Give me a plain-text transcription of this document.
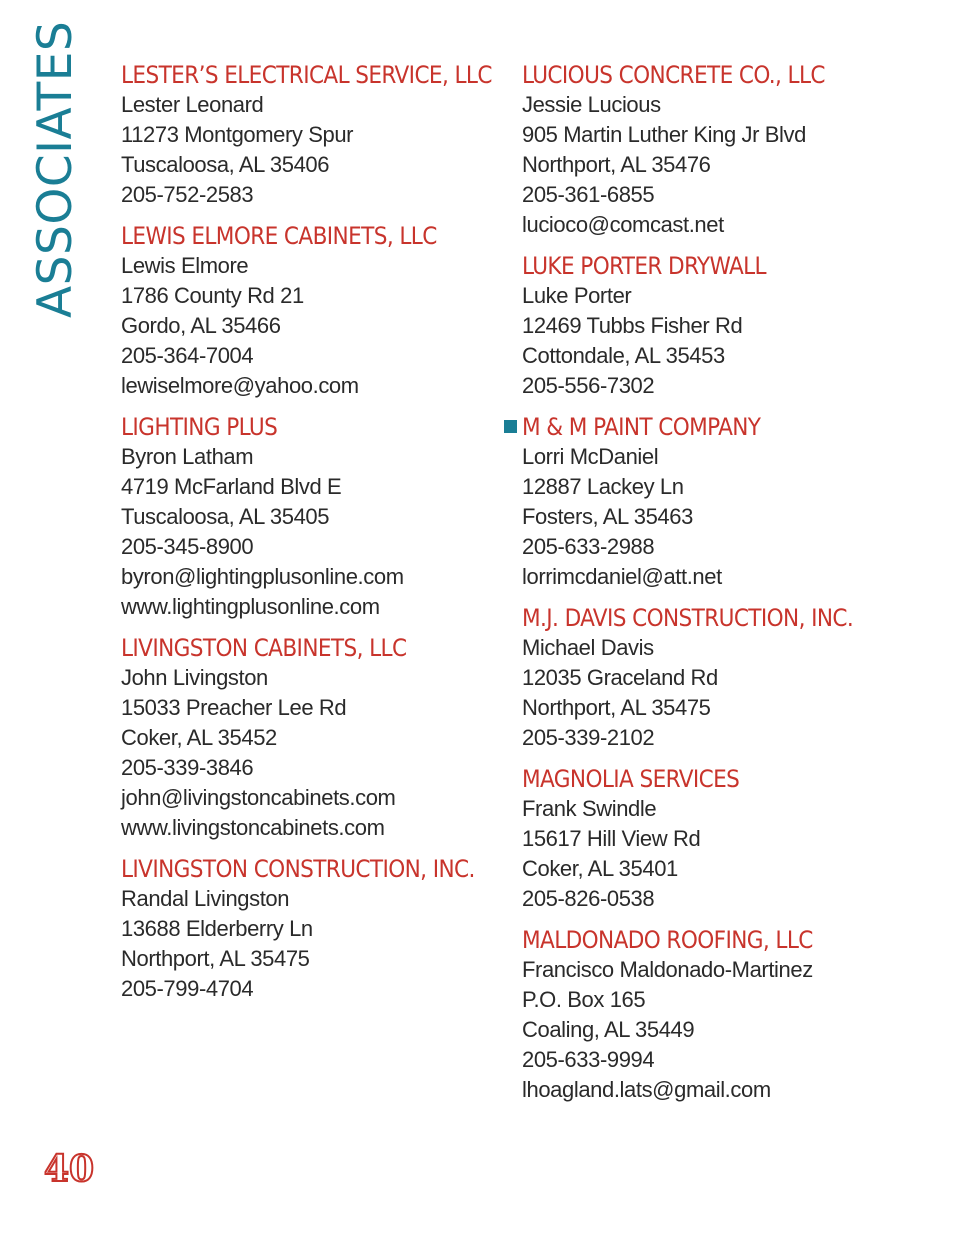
ASSOCIATES LESTER’S ELECTRICAL SERVICE, LLC
Lester Leonard
11273 Montgomery Spur
Tuscaloosa, AL 35406
205-752-2583
LEWIS ELMORE CABINETS, LLC
Lewis Elmore
1786 County Rd 21
Gordo, AL 35466
205-364-7004
lewiselmore@yahoo.com
LIGHTING PLUS
Byron Latham
4719 McFarland Blvd E
Tuscaloosa, AL 35405
205-345-8900
byron@lightingplusonline.com
www.lightingplusonline.com
LIVINGSTON CABINETS, LLC
John Livingston
15033 Preacher Lee Rd
Coker, AL 35452
205-339-3846
john@livingstoncabinets.com
www.livingstoncabinets.com
LIVINGSTON CONSTRUCTION, INC.
Randal Livingston
13688 Elderberry Ln
Northport, AL 35475
205-799-4704
LUCIOUS CONCRETE CO., LLC
Jessie Lucious
905 Martin Luther King Jr Blvd
Northport, AL 35476
205-361-6855
lucioco@comcast.net
LUKE PORTER DRYWALL
Luke Porter
12469 Tubbs Fisher Rd
Cottondale, AL 35453
205-556-7302
M & M PAINT COMPANY
Lorri McDaniel
12887 Lackey Ln
Fosters, AL 35463
205-633-2988
lorrimcdaniel@att.net
M.J. DAVIS CONSTRUCTION, INC.
Michael Davis
12035 Graceland Rd
Northport, AL 35475
205-339-2102
MAGNOLIA SERVICES
Frank Swindle
15617 Hill View Rd
Coker, AL 35401
205-826-0538
MALDONADO ROOFING, LLC
Francisco Maldonado-Martinez
P.O. Box 165
Coaling, AL 35449
205-633-9994
lhoagland.lats@gmail.com
40
